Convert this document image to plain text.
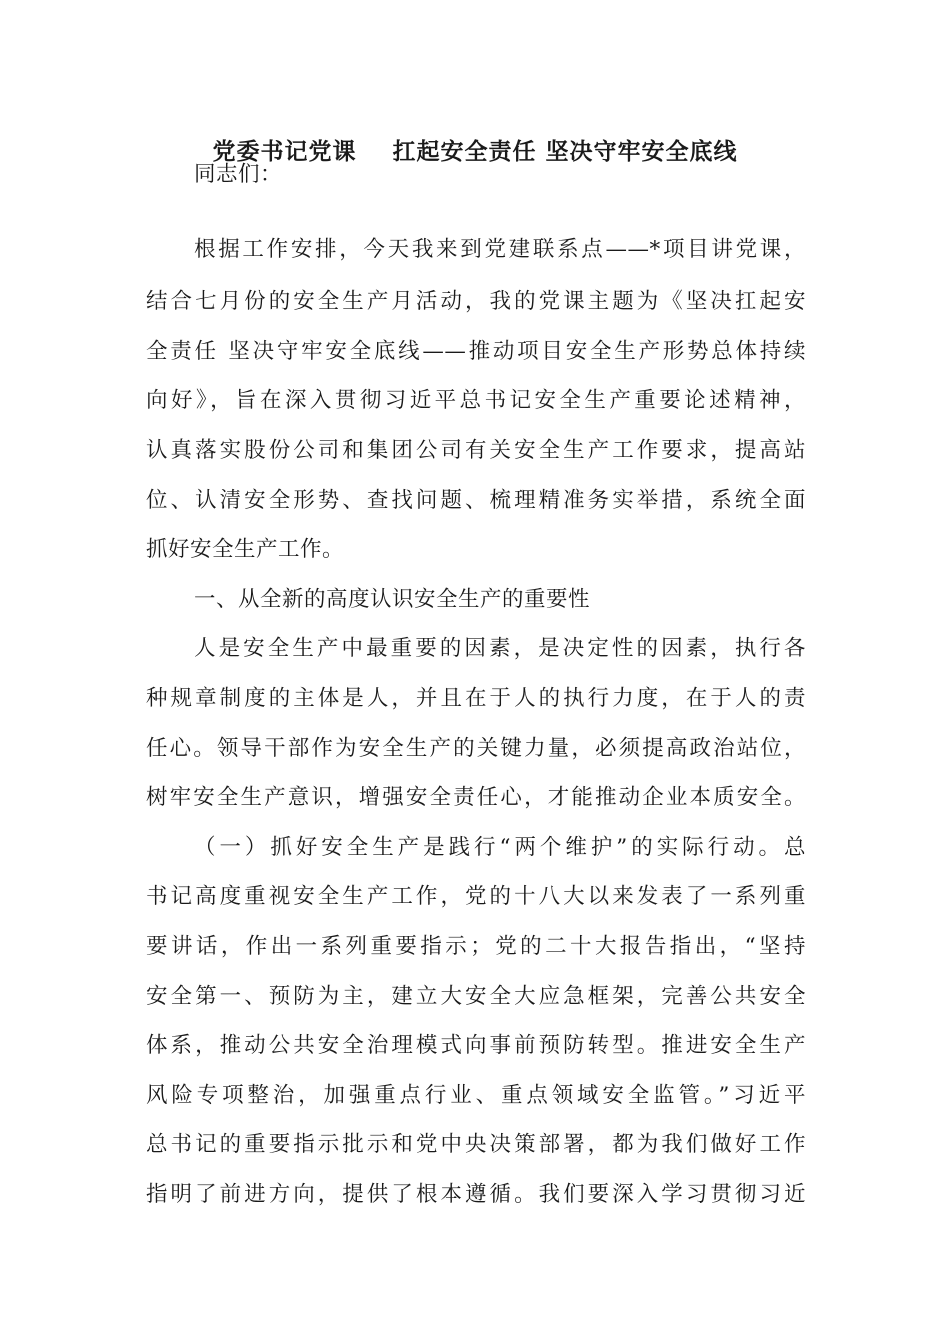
党委书记党课 扛起安全责任 坚决守牢安全底线
同志们：
根据工作安排，今天我来到党建联系点——*项目讲党课，
结合七月份的安全生产月活动，我的党课主题为《坚决扛起安
全责任 坚决守牢安全底线——推动项目安全生产形势总体持续
向好》，旨在深入贯彻习近平总书记安全生产重要论述精神，
认真落实股份公司和集团公司有关安全生产工作要求，提高站
位、认清安全形势、查找问题、梳理精准务实举措，系统全面
抓好安全生产工作。
一、从全新的高度认识安全生产的重要性
人是安全生产中最重要的因素，是决定性的因素，执行各
种规章制度的主体是人，并且在于人的执行力度，在于人的责
任心。领导干部作为安全生产的关键力量，必须提高政治站位，
树牢安全生产意识，增强安全责任心，才能推动企业本质安全。
（一）抓好安全生产是践行“两个维护”的实际行动。总
书记高度重视安全生产工作，党的十八大以来发表了一系列重
要讲话，作出一系列重要指示；党的二十大报告指出，“坚持
安全第一、预防为主，建立大安全大应急框架，完善公共安全
体系，推动公共安全治理模式向事前预防转型。推进安全生产
风险专项整治，加强重点行业、重点领域安全监管。”习近平
总书记的重要指示批示和党中央决策部署，都为我们做好工作
指明了前进方向，提供了根本遵循。我们要深入学习贯彻习近
